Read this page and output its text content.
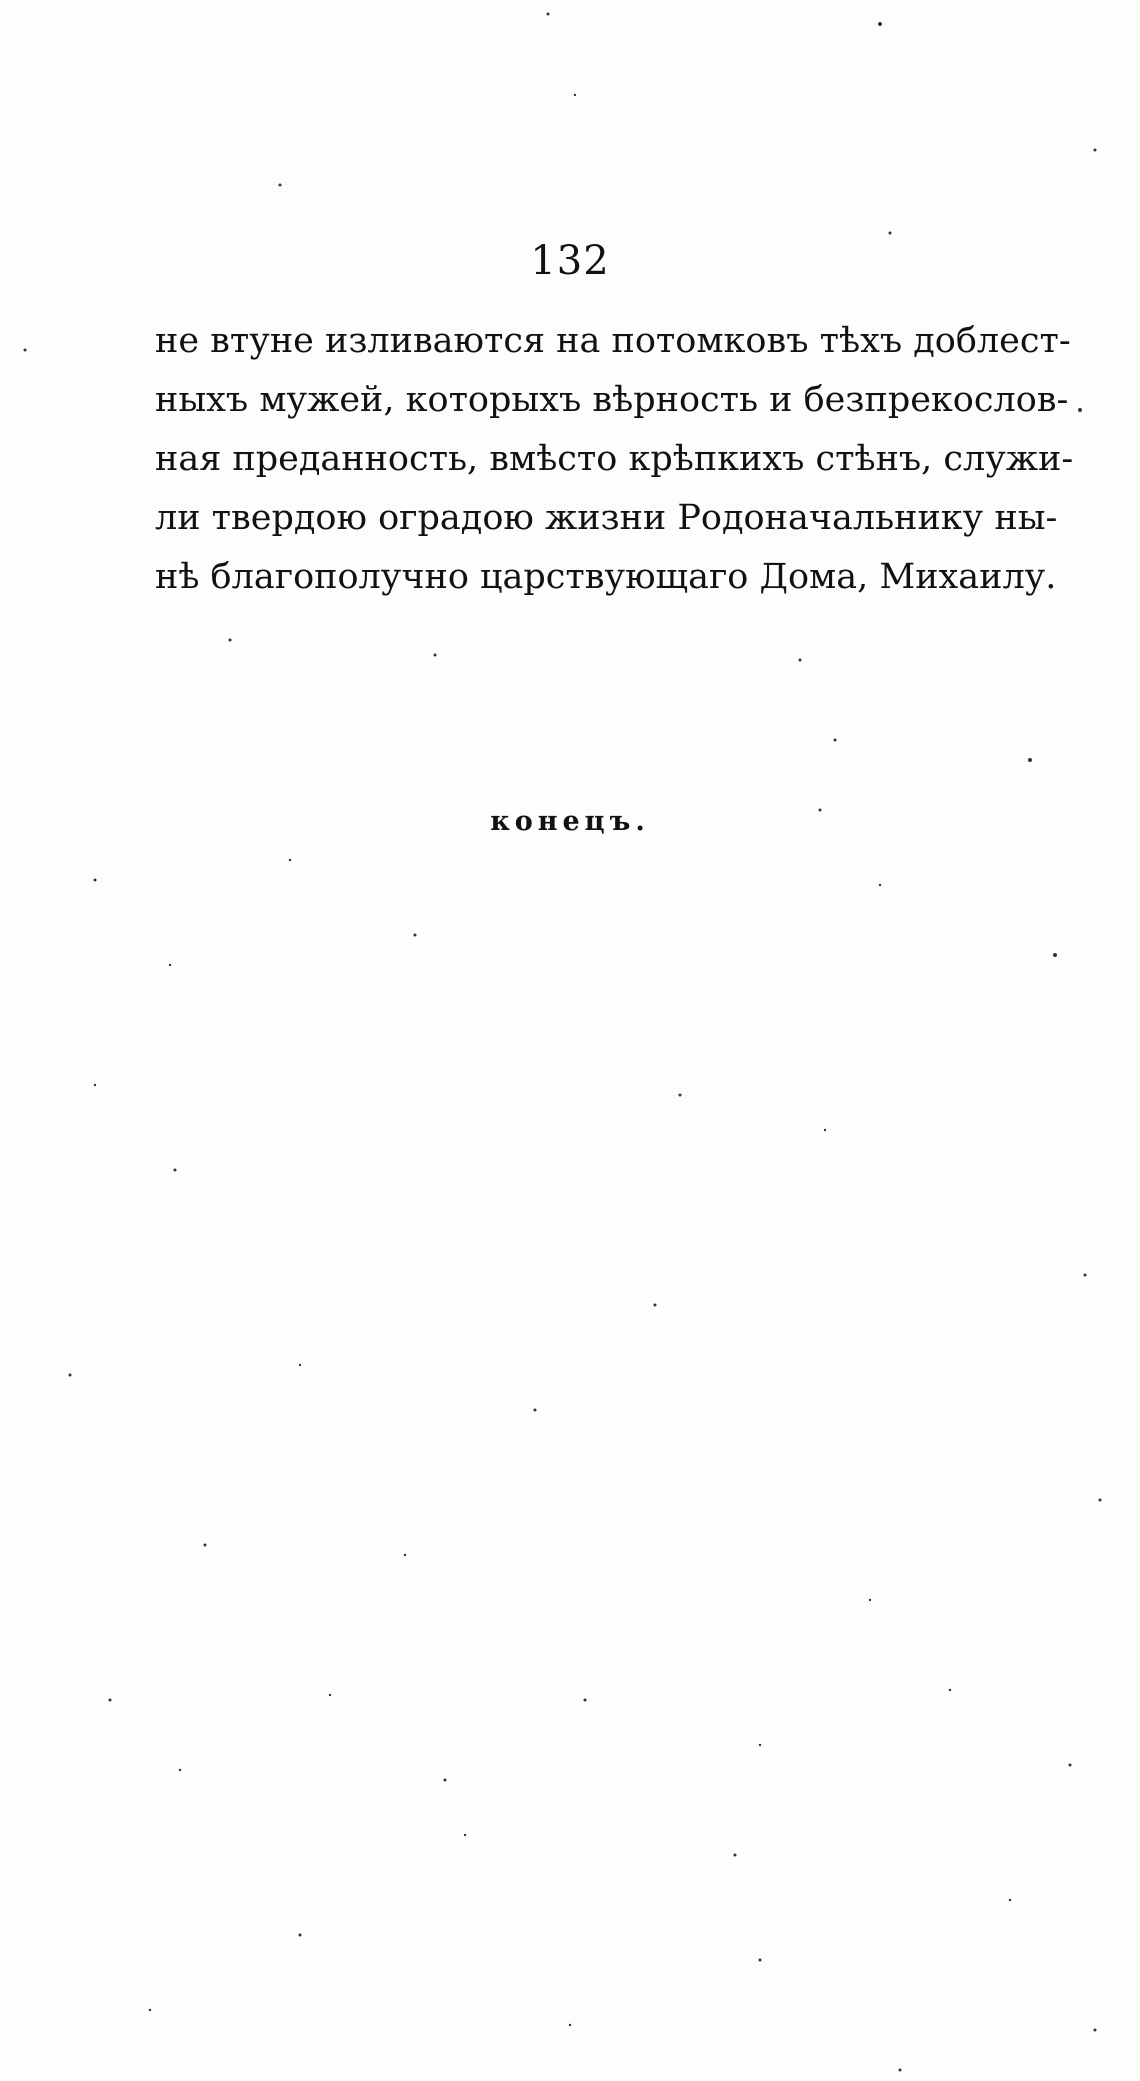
132
не втуне изливаются на потомковъ тѣхъ доблест-
ныхъ мужей, которыхъ вѣрность и безпрекослов-
ная преданность, вмѣсто крѣпкихъ стѣнъ, служи-
ли твердою оградою жизни Родоначальнику ны-
нѣ благополучно царствующаго Дома, Михаилу.
конецъ.
